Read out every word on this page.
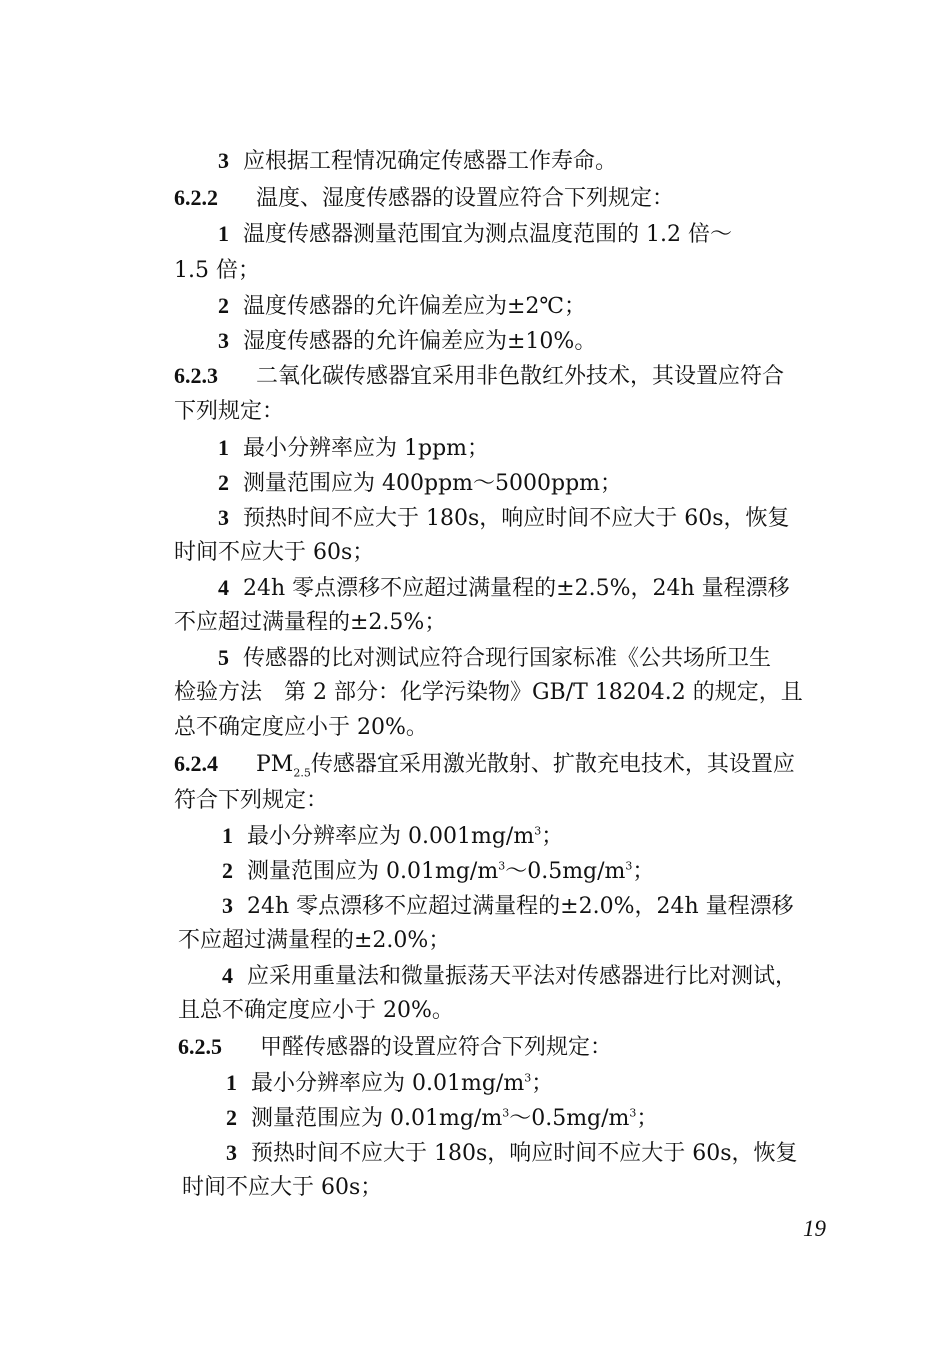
3 应根据工程情况确定传感器工作寿命。
6.2.2 温度、湿度传感器的设置应符合下列规定：
1 温度传感器测量范围宜为测点温度范围的 1.2 倍～
1.5 倍；
2 温度传感器的允许偏差应为±2℃；
3 湿度传感器的允许偏差应为±10%。
6.2.3 二氧化碳传感器宜采用非色散红外技术，其设置应符合
下列规定：
1 最小分辨率应为 1ppm；
2 测量范围应为 400ppm～5000ppm；
3 预热时间不应大于 180s，响应时间不应大于 60s，恢复
时间不应大于 60s；
4 24h 零点漂移不应超过满量程的±2.5%，24h 量程漂移
不应超过满量程的±2.5%；
5 传感器的比对测试应符合现行国家标准《公共场所卫生
检验方法　第 2 部分：化学污染物》GB/T 18204.2 的规定，且
总不确定度应小于 20%。
6.2.4 $PM_{2.5}$传感器宜采用激光散射、扩散充电技术，其设置应
符合下列规定：
1 最小分辨率应为 $0.001mg/m^3$；
2 测量范围应为 $0.01mg/m^3\sim 0.5mg/m^3$；
3 24h 零点漂移不应超过满量程的±2.0%，24h 量程漂移
不应超过满量程的±2.0%；
4 应采用重量法和微量振荡天平法对传感器进行比对测试，
且总不确定度应小于 20%。
6.2.5 甲醛传感器的设置应符合下列规定：
1 最小分辨率应为 $0.01mg/m^3$；
2 测量范围应为 $0.01mg/m^3\sim 0.5mg/m^3$；
3 预热时间不应大于 180s，响应时间不应大于 60s，恢复
时间不应大于 60s；
19
